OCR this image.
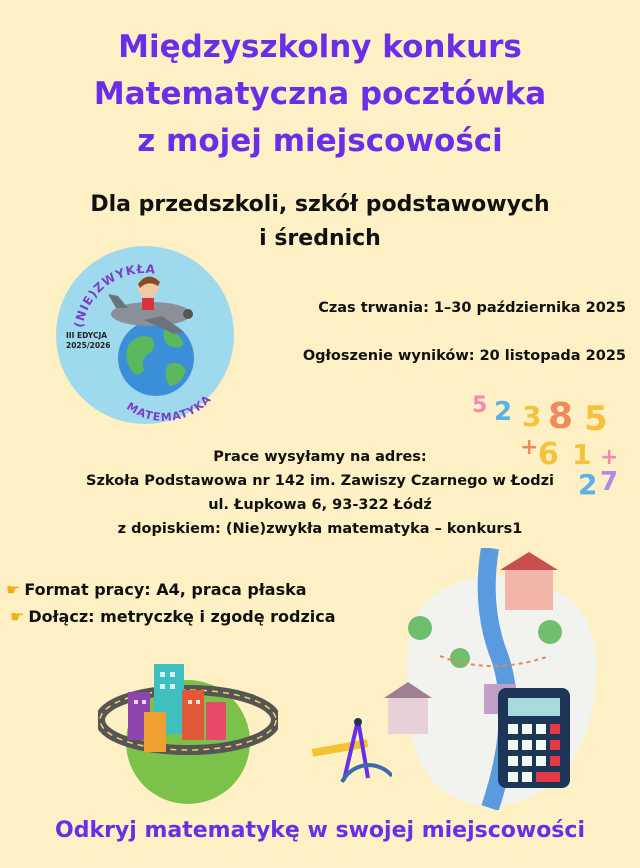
Międzyszkolny konkurs
Matematyczna pocztówka
z mojej miejscowości
Dla przedszkoli, szkół podstawowych
i średnich
(NIE)ZWYKŁA
MATEMATYKA
III EDYCJA
2025/2026
Czas trwania: 1–30 października 2025
Ogłoszenie wyników: 20 listopada 2025
5 2 3 8 5
6 1
2 7
+	+
Prace wysyłamy na adres:
Szkoła Podstawowa nr 142 im. Zawiszy Czarnego w Łodzi
ul. Łupkowa 6, 93-322 Łódź
z dopiskiem: (Nie)zwykła matematyka – konkurs1
☛ Format pracy: A4, praca płaska
☛ Dołącz: metryczkę i zgodę rodzica
Odkryj matematykę w swojej miejscowości
